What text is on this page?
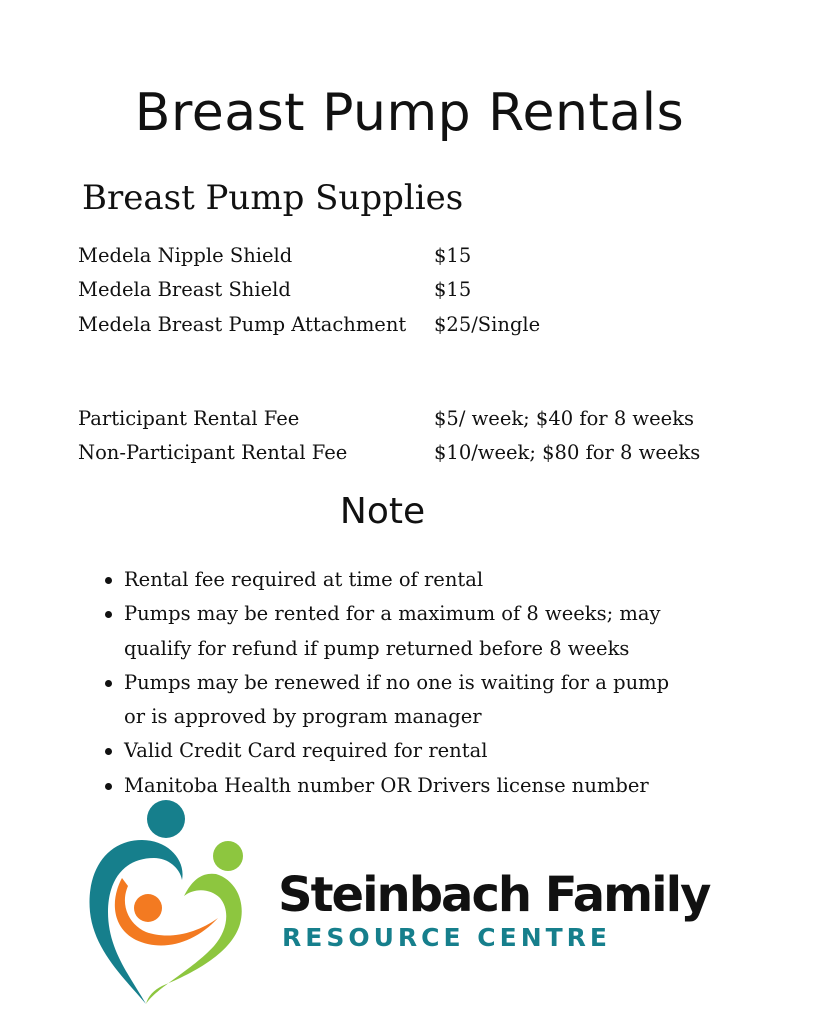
Breast Pump Rentals
Breast Pump Supplies
Medela Nipple Shield	$15
Medela Breast Shield	$15
Medela Breast Pump Attachment $25/Single
Participant Rental Fee	$5/ week; $40 for 8 weeks
Non-Participant Rental Fee	$10/week; $80 for 8 weeks
Note
Rental fee required at time of rental
Pumps may be rented for a maximum of 8 weeks; may qualify for refund if pump returned before 8 weeks
Pumps may be renewed if no one is waiting for a pump or is approved by program manager
Valid Credit Card required for rental
Manitoba Health number OR Drivers license number
Steinbach Family
RESOURCE CENTRE
